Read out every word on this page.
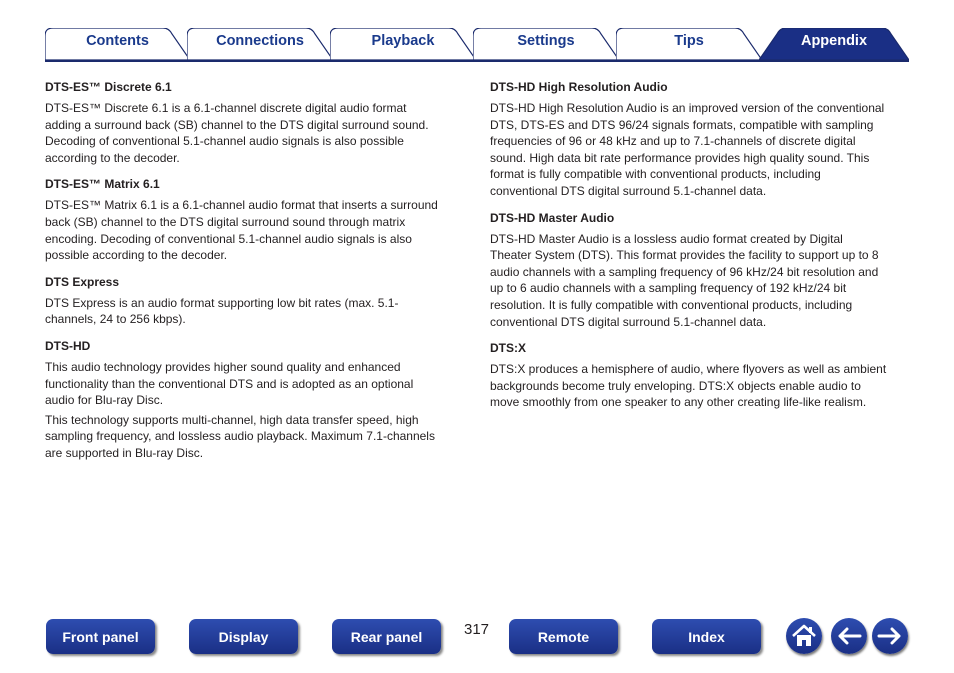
Contents	Connections	Playback	Settings	Tips	Appendix
DTS-ES™ Discrete 6.1

DTS-ES™ Discrete 6.1 is a 6.1-channel discrete digital audio format
adding a surround back (SB) channel to the DTS digital surround sound.
Decoding of conventional 5.1-channel audio signals is also possible
according to the decoder.

DTS-ES™ Matrix 6.1

DTS-ES™ Matrix 6.1 is a 6.1-channel audio format that inserts a surround
back (SB) channel to the DTS digital surround sound through matrix
encoding. Decoding of conventional 5.1-channel audio signals is also
possible according to the decoder.

DTS Express

DTS Express is an audio format supporting low bit rates (max. 5.1-
channels, 24 to 256 kbps).

DTS-HD

This audio technology provides higher sound quality and enhanced
functionality than the conventional DTS and is adopted as an optional
audio for Blu-ray Disc.

This technology supports multi-channel, high data transfer speed, high
sampling frequency, and lossless audio playback. Maximum 7.1-channels
are supported in Blu-ray Disc.

DTS-HD High Resolution Audio

DTS-HD High Resolution Audio is an improved version of the conventional
DTS, DTS-ES and DTS 96/24 signals formats, compatible with sampling
frequencies of 96 or 48 kHz and up to 7.1-channels of discrete digital
sound. High data bit rate performance provides high quality sound. This
format is fully compatible with conventional products, including
conventional DTS digital surround 5.1-channel data.

DTS-HD Master Audio

DTS-HD Master Audio is a lossless audio format created by Digital
Theater System (DTS). This format provides the facility to support up to 8
audio channels with a sampling frequency of 96 kHz/24 bit resolution and
up to 6 audio channels with a sampling frequency of 192 kHz/24 bit
resolution. It is fully compatible with conventional products, including
conventional DTS digital surround 5.1-channel data.

DTS:X

DTS:X produces a hemisphere of audio, where flyovers as well as ambient
backgrounds become truly enveloping. DTS:X objects enable audio to
move smoothly from one speaker to any other creating life-like realism.

Front panel	Display	Rear panel	317	Remote	Index
